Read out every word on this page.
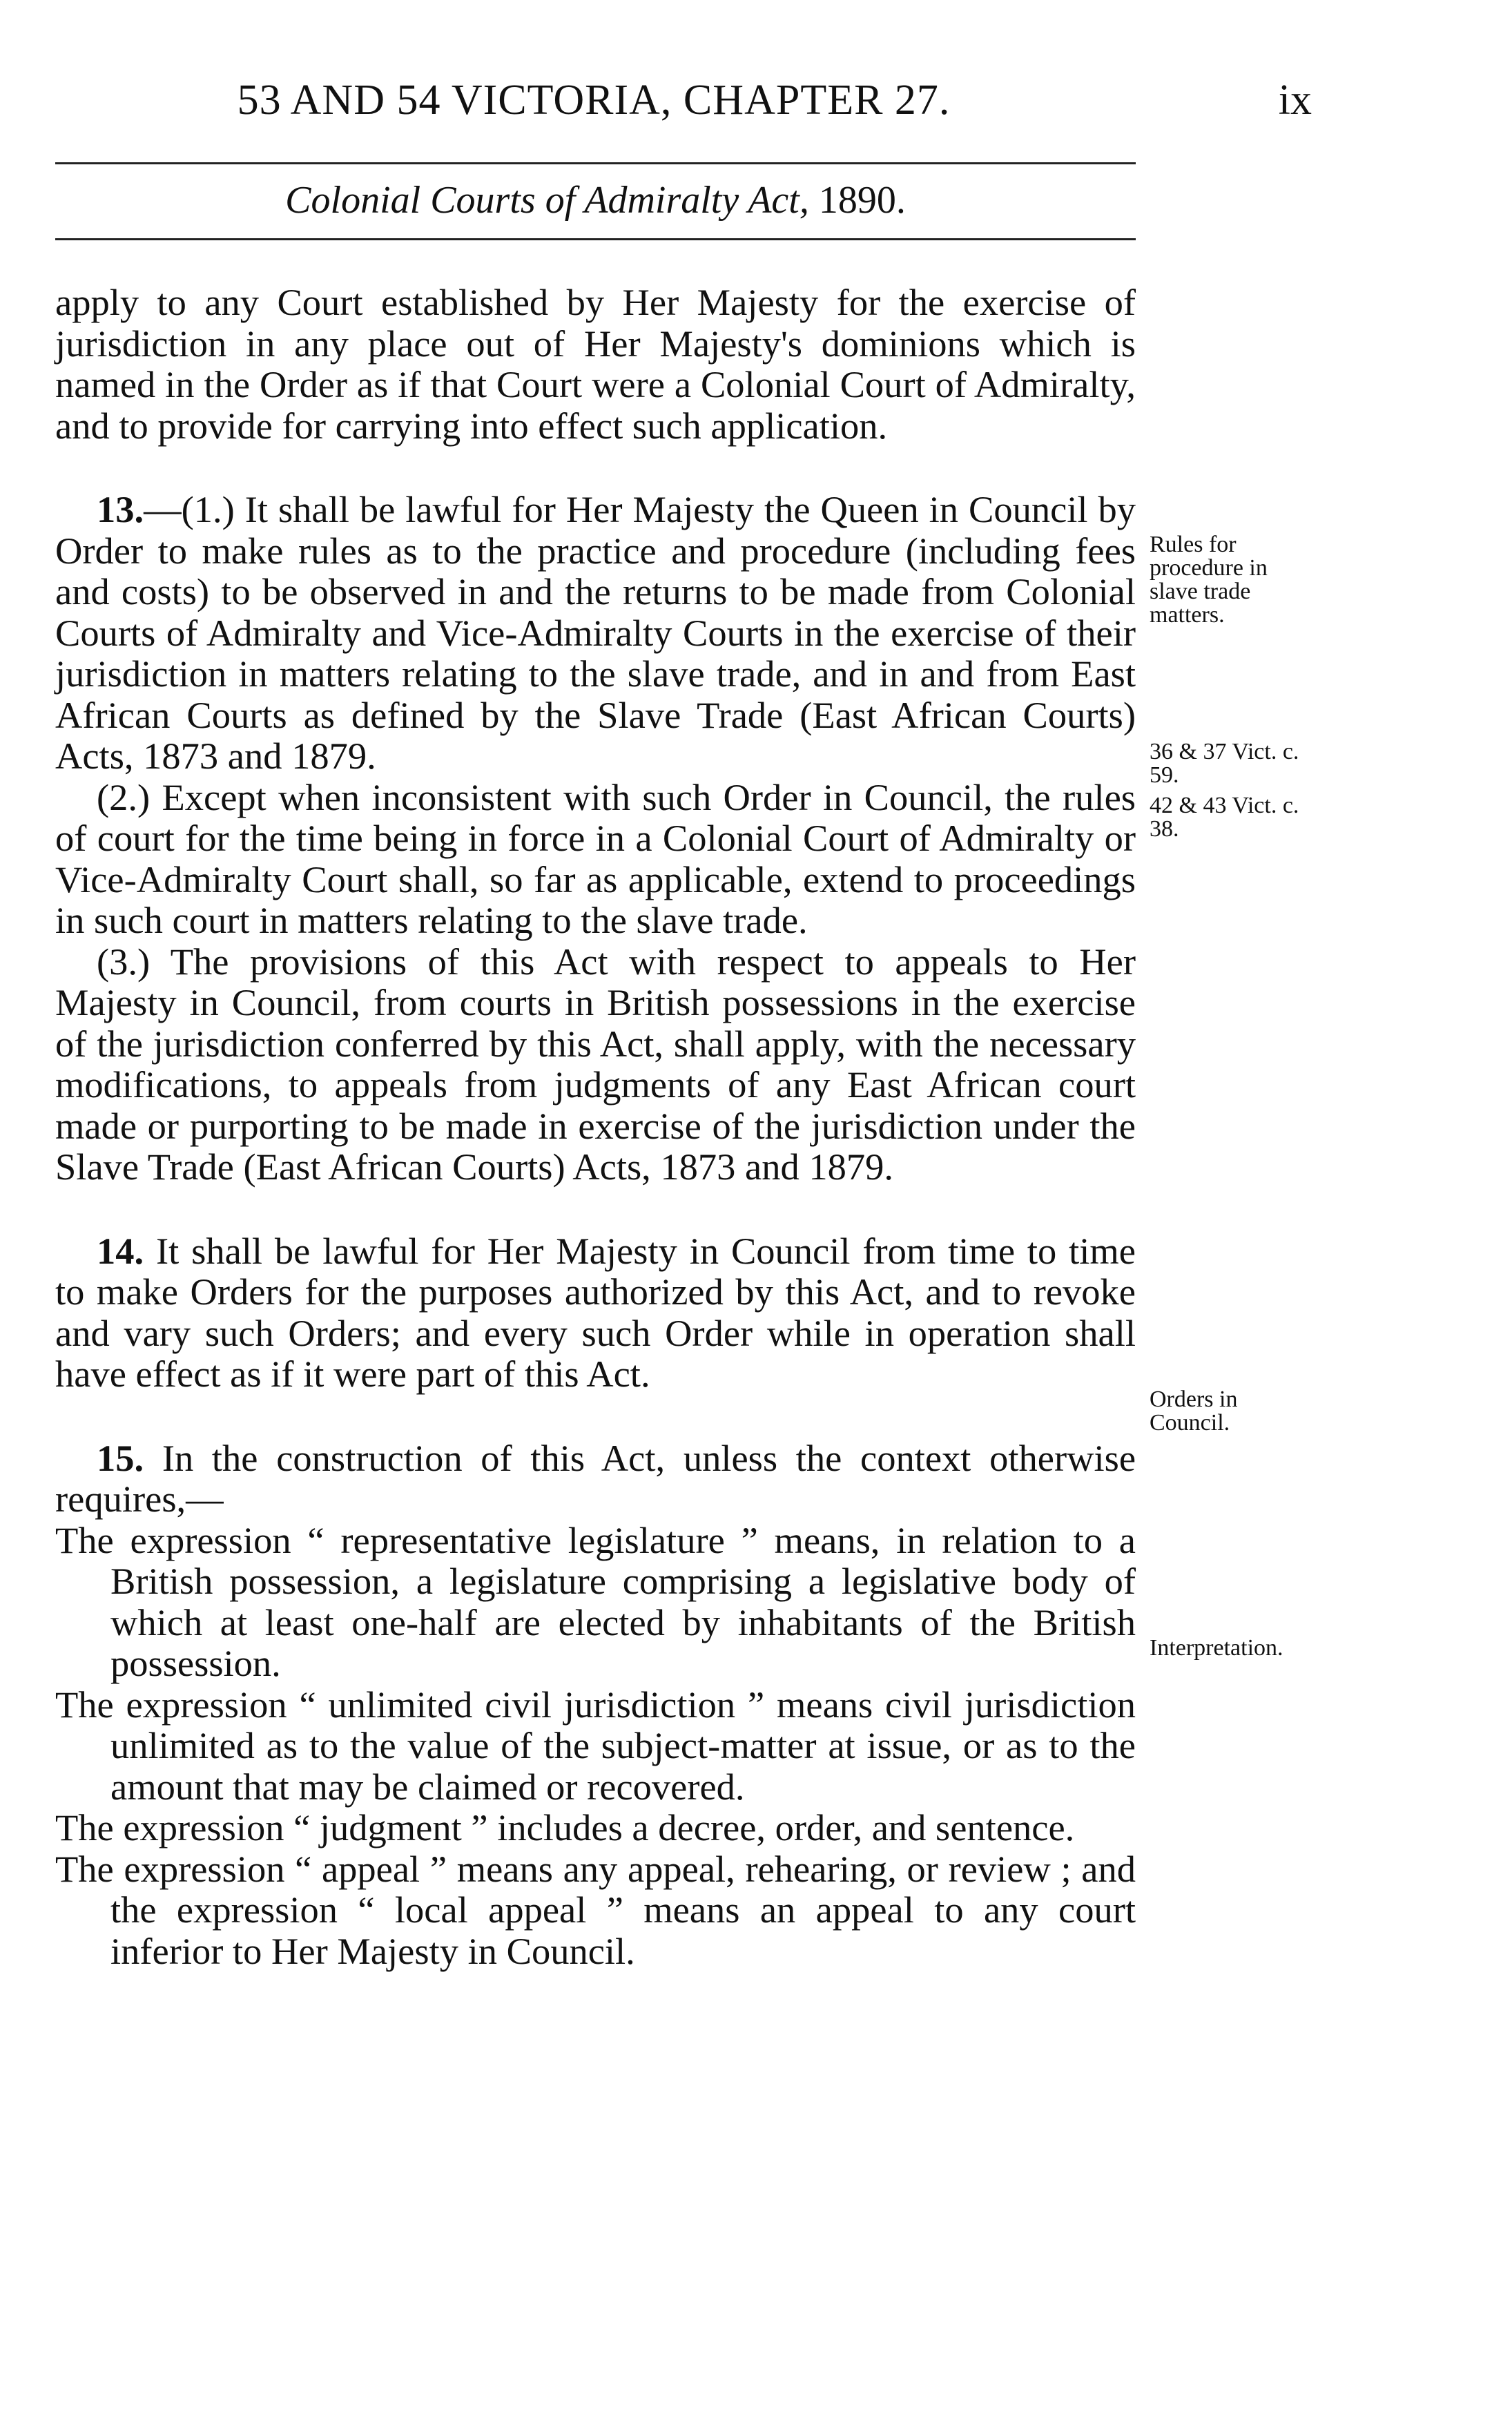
53 AND 54 VICTORIA, CHAPTER 27.	ix
Colonial Courts of Admiralty Act, 1890.

apply to any Court established by Her Majesty for the exercise of jurisdiction in any place out of Her Majesty's dominions which is named in the Order as if that Court were a Colonial Court of Admiralty, and to provide for carrying into effect such application.

13.—(1.) It shall be lawful for Her Majesty the Queen in Council by Order to make rules as to the practice and procedure (including fees and costs) to be observed in and the returns to be made from Colonial Courts of Admiralty and Vice-Admiralty Courts in the exercise of their jurisdiction in matters relating to the slave trade, and in and from East African Courts as defined by the Slave Trade (East African Courts) Acts, 1873 and 1879.

(2.) Except when inconsistent with such Order in Council, the rules of court for the time being in force in a Colonial Court of Admiralty or Vice-Admiralty Court shall, so far as applicable, extend to proceedings in such court in matters relating to the slave trade.

(3.) The provisions of this Act with respect to appeals to Her Majesty in Council, from courts in British possessions in the exercise of the jurisdiction conferred by this Act, shall apply, with the necessary modifications, to appeals from judgments of any East African court made or purporting to be made in exercise of the jurisdiction under the Slave Trade (East African Courts) Acts, 1873 and 1879.

14. It shall be lawful for Her Majesty in Council from time to time to make Orders for the purposes authorized by this Act, and to revoke and vary such Orders; and every such Order while in operation shall have effect as if it were part of this Act.

15. In the construction of this Act, unless the context otherwise requires,—

The expression “ representative legislature ” means, in relation to a British possession, a legislature comprising a legislative body of which at least one-half are elected by inhabitants of the British possession.

The expression “ unlimited civil jurisdiction ” means civil jurisdiction unlimited as to the value of the subject-matter at issue, or as to the amount that may be claimed or recovered.

The expression “ judgment ” includes a decree, order, and sentence.

The expression “ appeal ” means any appeal, rehearing, or review ; and the expression “ local appeal ” means an appeal to any court inferior to Her Majesty in Council.

Rules for procedure in slave trade matters.
36 & 37 Vict. c. 59.
42 & 43 Vict. c. 38.
Orders in Council.
Interpretation.
